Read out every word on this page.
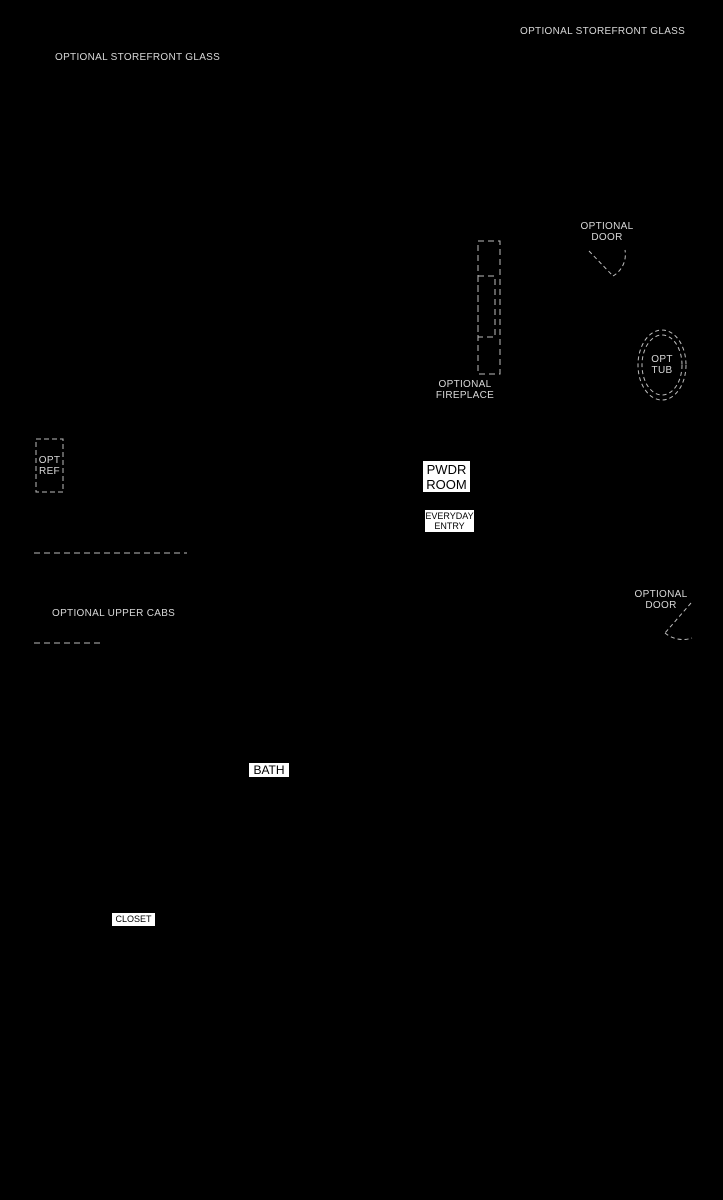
OPTIONAL STOREFRONT GLASS
OPTIONAL STOREFRONT GLASS
OPTIONAL
DOOR
OPTIONAL
FIREPLACE
OPT
TUB
OPT
REF
OPTIONAL UPPER CABS
OPTIONAL
DOOR
PWDR
ROOM
EVERYDAY
ENTRY
BATH
CLOSET
